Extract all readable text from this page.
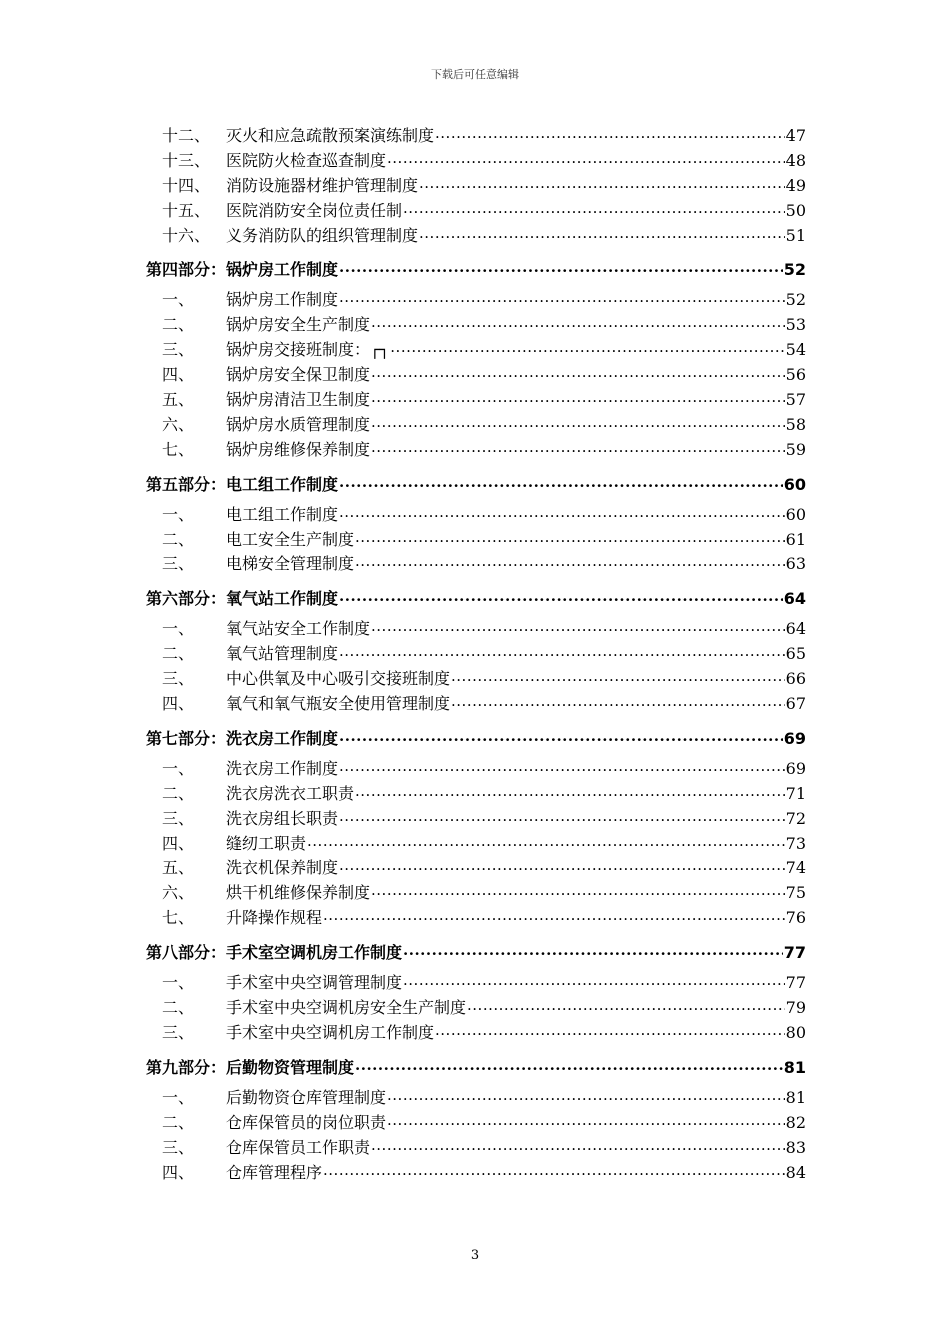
下载后可任意编辑
十二、 灭火和应急疏散预案演练制度 .....	47
十三、 医院防火检查巡查制度 .....	48
十四、 消防设施器材维护管理制度 .....	49
十五、 医院消防安全岗位责任制 .....	50
十六、 义务消防队的组织管理制度 .....	51
第四部分：锅炉房工作制度 .....	52
一、	锅炉房工作制度 .....	52
二、	锅炉房安全生产制度 .....	53
三、	锅炉房交接班制度：┌┐ .....	54
四、	锅炉房安全保卫制度 .....	56
五、	锅炉房清洁卫生制度 .....	57
六、	锅炉房水质管理制度 .....	58
七、	锅炉房维修保养制度 .....	59
第五部分：电工组工作制度 .....	60
一、	电工组工作制度 .....	60
二、	电工安全生产制度 .....	61
三、	电梯安全管理制度 .....	63
第六部分：氧气站工作制度 .....	64
一、	氧气站安全工作制度 .....	64
二、	氧气站管理制度 .....	65
三、	中心供氧及中心吸引交接班制度 .....	66
四、	氧气和氧气瓶安全使用管理制度 .....	67
第七部分：洗衣房工作制度 .....	69
一、	洗衣房工作制度 .....	69
二、	洗衣房洗衣工职责 .....	71
三、	洗衣房组长职责 .....	72
四、	缝纫工职责 .....	73
五、	洗衣机保养制度 .....	74
六、	烘干机维修保养制度 .....	75
七、	升降操作规程 .....	76
第八部分：手术室空调机房工作制度 .....	77
一、	手术室中央空调管理制度 .....	77
二、	手术室中央空调机房安全生产制度 .....	79
三、	手术室中央空调机房工作制度 .....	80
第九部分：后勤物资管理制度 .....	81
一、	后勤物资仓库管理制度 .....	81
二、	仓库保管员的岗位职责 .....	82
三、	仓库保管员工作职责 .....	83
四、	仓库管理程序 .....	84
3
